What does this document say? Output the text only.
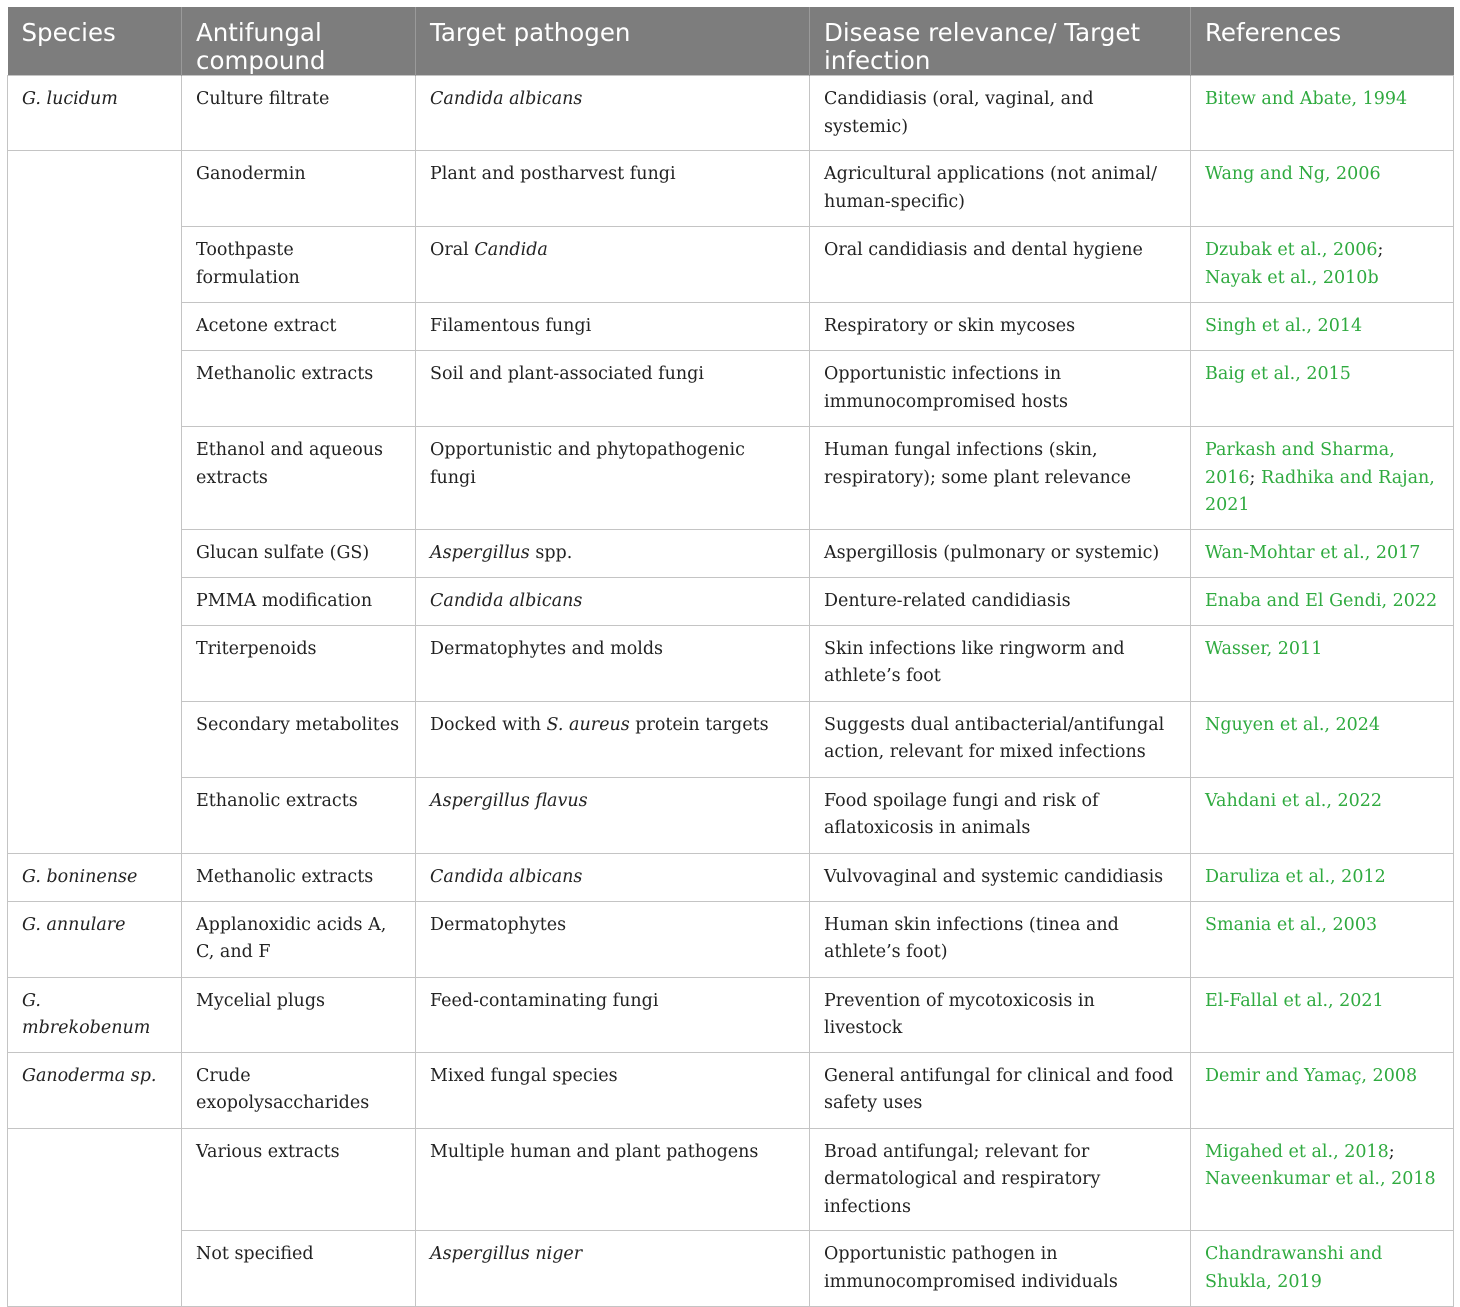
Species	Antifungal compound	Target pathogen	Disease relevance/ Target infection	References
G. lucidum	Culture filtrate	Candida albicans	Candidiasis (oral, vaginal, and systemic)	Bitew and Abate, 1994
	Ganodermin	Plant and postharvest fungi	Agricultural applications (not animal/ human-specific)	Wang and Ng, 2006
	Toothpaste formulation	Oral Candida	Oral candidiasis and dental hygiene	Dzubak et al., 2006; Nayak et al., 2010b
	Acetone extract	Filamentous fungi	Respiratory or skin mycoses	Singh et al., 2014
	Methanolic extracts	Soil and plant-associated fungi	Opportunistic infections in immunocompromised hosts	Baig et al., 2015
	Ethanol and aqueous extracts	Opportunistic and phytopathogenic fungi	Human fungal infections (skin, respiratory); some plant relevance	Parkash and Sharma, 2016; Radhika and Rajan, 2021
	Glucan sulfate (GS)	Aspergillus spp.	Aspergillosis (pulmonary or systemic)	Wan-Mohtar et al., 2017
	PMMA modification	Candida albicans	Denture-related candidiasis	Enaba and El Gendi, 2022
	Triterpenoids	Dermatophytes and molds	Skin infections like ringworm and athlete’s foot	Wasser, 2011
	Secondary metabolites	Docked with S. aureus protein targets	Suggests dual antibacterial/antifungal action, relevant for mixed infections	Nguyen et al., 2024
	Ethanolic extracts	Aspergillus flavus	Food spoilage fungi and risk of aflatoxicosis in animals	Vahdani et al., 2022
G. boninense	Methanolic extracts	Candida albicans	Vulvovaginal and systemic candidiasis	Daruliza et al., 2012
G. annulare	Applanoxidic acids A, C, and F	Dermatophytes	Human skin infections (tinea and athlete’s foot)	Smania et al., 2003
G. mbrekobenum	Mycelial plugs	Feed-contaminating fungi	Prevention of mycotoxicosis in livestock	El-Fallal et al., 2021
Ganoderma sp.	Crude exopolysaccharides	Mixed fungal species	General antifungal for clinical and food safety uses	Demir and Yamaç, 2008
	Various extracts	Multiple human and plant pathogens	Broad antifungal; relevant for dermatological and respiratory infections	Migahed et al., 2018; Naveenkumar et al., 2018
	Not specified	Aspergillus niger	Opportunistic pathogen in immunocompromised individuals	Chandrawanshi and Shukla, 2019
